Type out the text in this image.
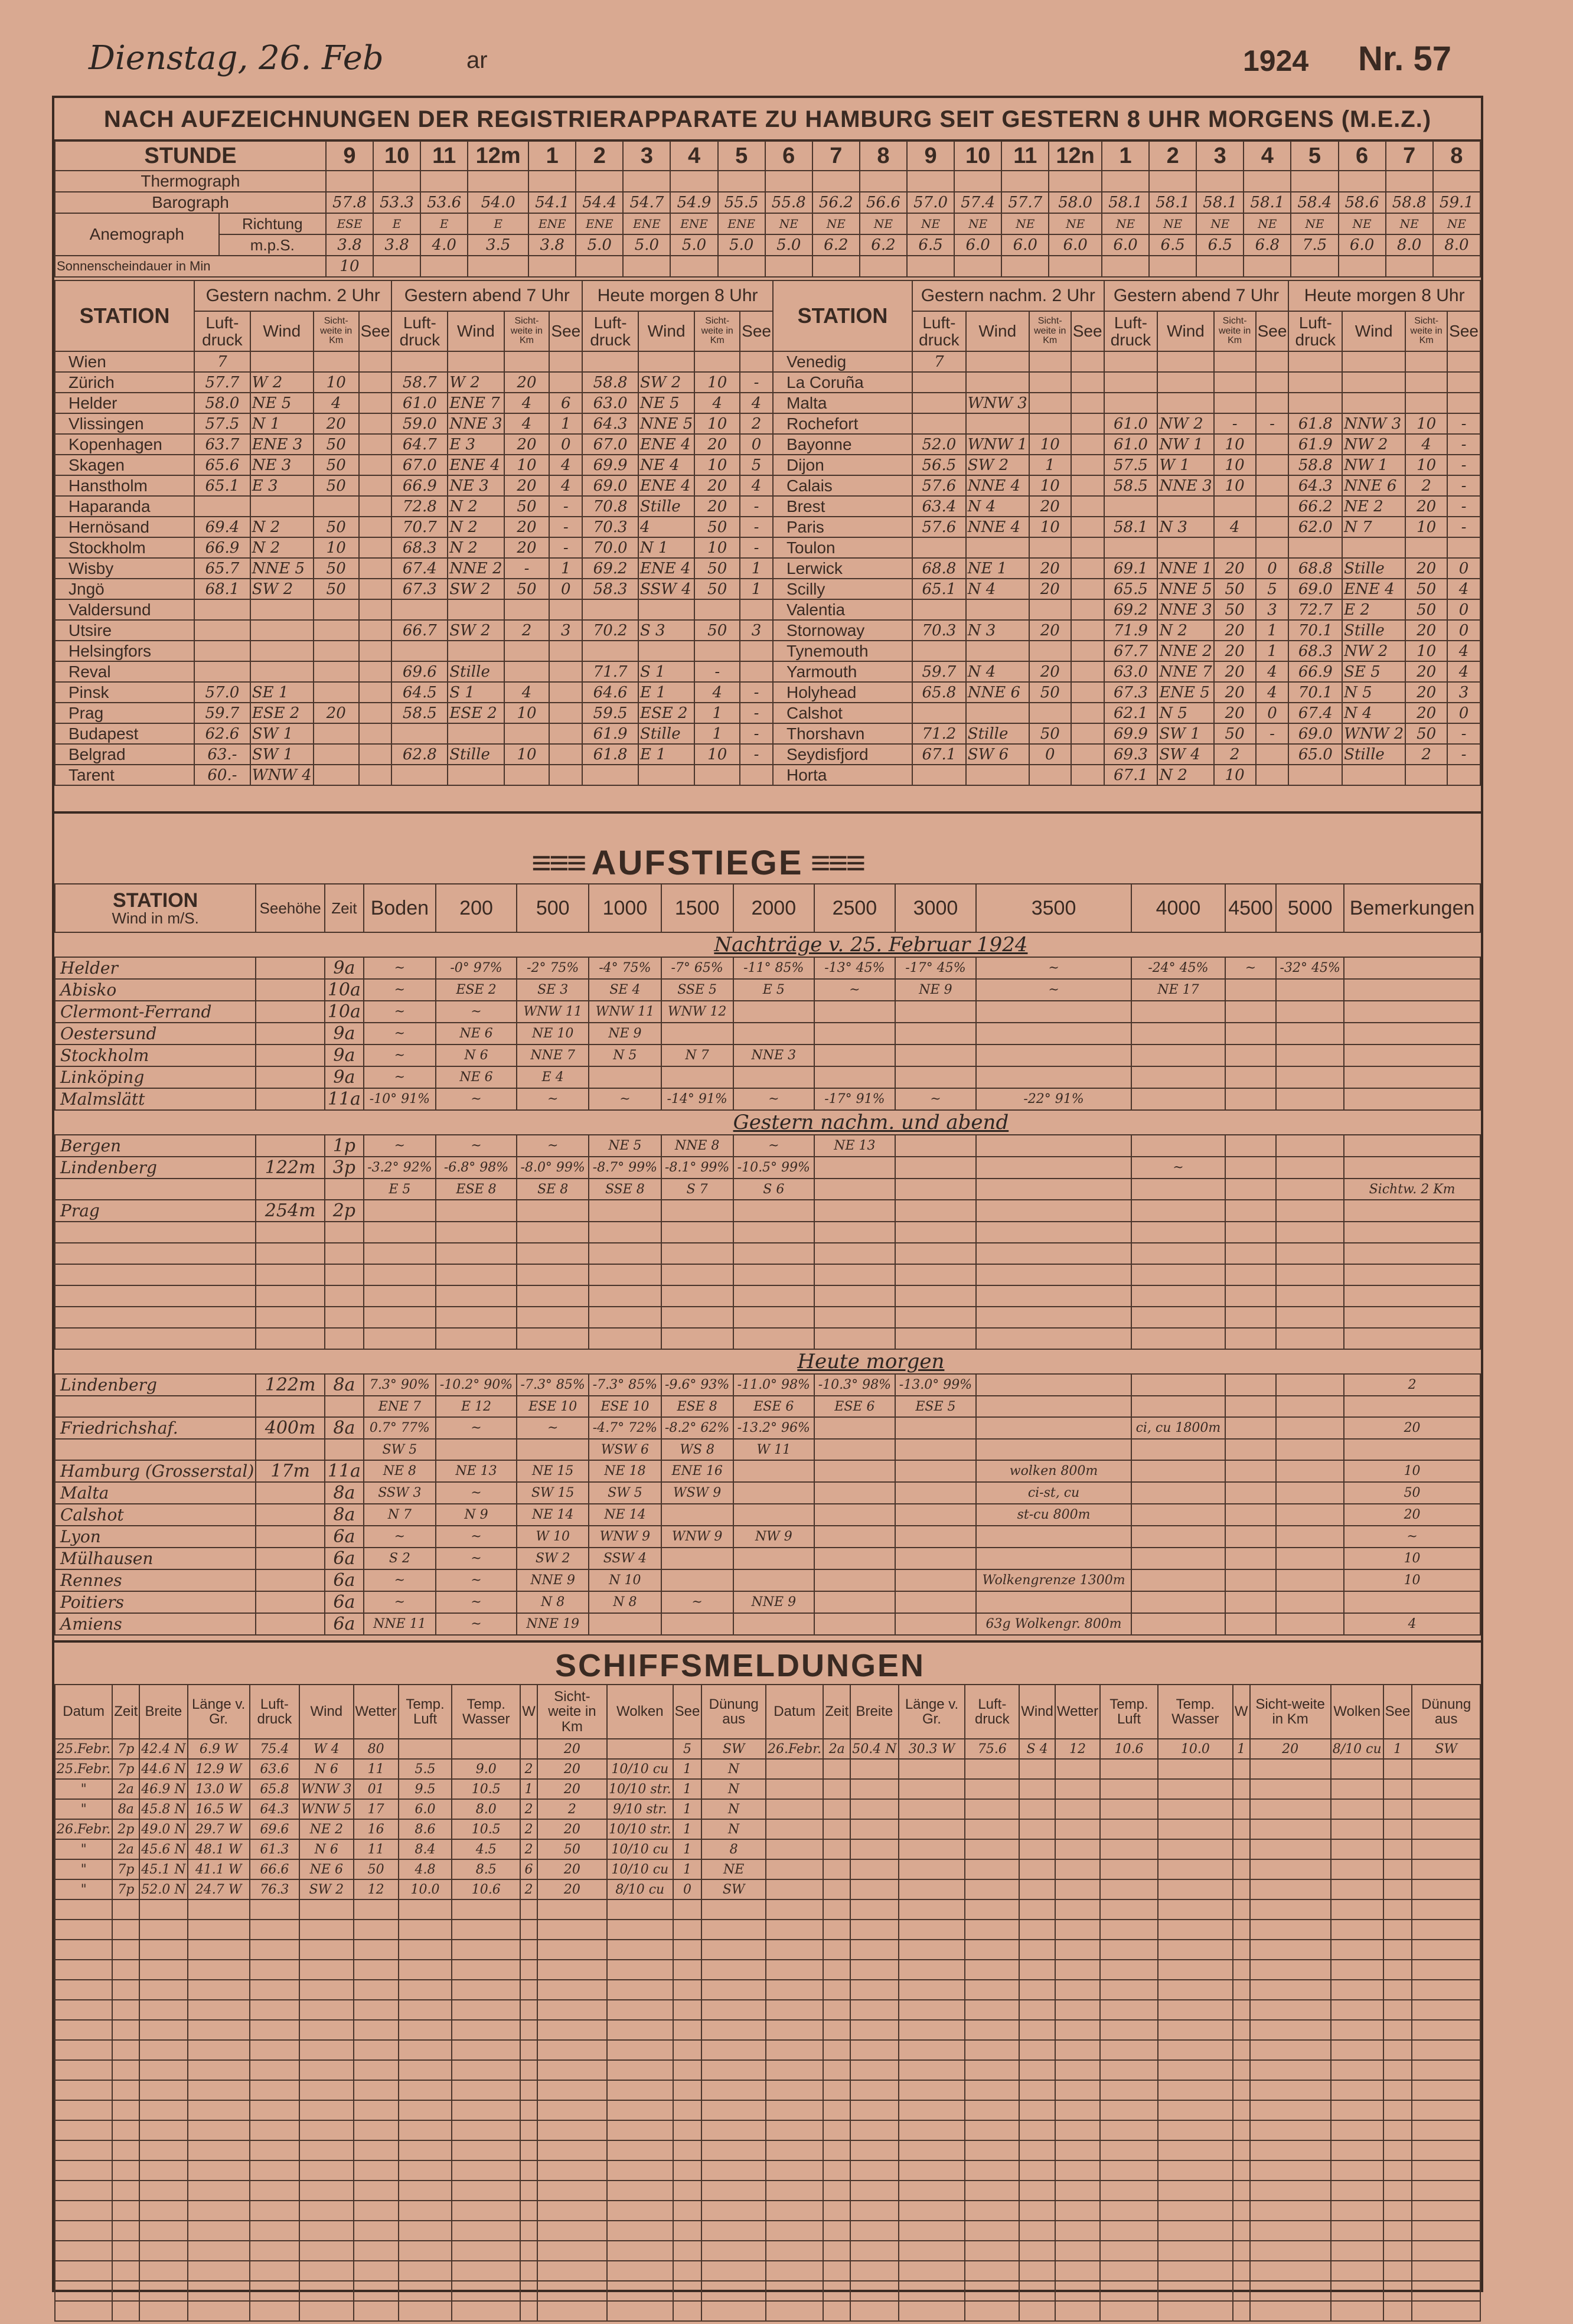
Dienstag, 26. Feb	ar	1924 Nr. 57
NACH AUFZEICHNUNGEN DER REGISTRIERAPPARATE ZU HAMBURG SEIT GESTERN 8 UHR MORGENS (M.E.Z.)
STUNDE		9	10	11	12m	1	2	3	4	5	6	7	8	9	10	11	12n	1	2	3	4	5	6	7	8
Thermograph																									
Barograph		57.8	53.3	53.6	54.0	54.1	54.4	54.7	54.9	55.5	55.8	56.2	56.6	57.0	57.4	57.7	58.0	58.1	58.1	58.1	58.1	58.4	58.6	58.8	59.1
Anemograph	Richtung	ESE	E	E	E	ENE	ENE	ENE	ENE	ENE	NE	NE	NE	NE	NE	NE	NE	NE	NE	NE	NE	NE	NE	NE	NE
	m.p.S.	3.8	3.8	4.0	3.5	3.8	5.0	5.0	5.0	5.0	5.0	6.2	6.2	6.5	6.0	6.0	6.0	6.0	6.5	6.5	6.8	7.5	6.0	8.0	8.0
Sonnenscheindauer in Min		10																							
STATION	Gestern nachm. 2 Uhr				Gestern abend 7 Uhr				Heute morgen 8 Uhr			
	Luft-druck	Wind	Sicht-weite in Km	See	Luft-druck	Wind	Sicht-weite in Km	See	Luft-druck	Wind	Sicht-weite in Km	See
Wien	7											
Zürich	57.7	W 2	10		58.7	W 2	20		58.8	SW 2	10	-
Helder	58.0	NE 5	4		61.0	ENE 7	4	6	63.0	NE 5	4	4
Vlissingen	57.5	N 1	20		59.0	NNE 3	4	1	64.3	NNE 5	10	2
Kopenhagen	63.7	ENE 3	50		64.7	E 3	20	0	67.0	ENE 4	20	0
Skagen	65.6	NE 3	50		67.0	ENE 4	10	4	69.9	NE 4	10	5
Hanstholm	65.1	E 3	50		66.9	NE 3	20	4	69.0	ENE 4	20	4
Haparanda					72.8	N 2	50	-	70.8	Stille	20	-
Hernösand	69.4	N 2	50		70.7	N 2	20	-	70.3	4	50	-
Stockholm	66.9	N 2	10		68.3	N 2	20	-	70.0	N 1	10	-
Wisby	65.7	NNE 5	50		67.4	NNE 2	-	1	69.2	ENE 4	50	1
Jngö	68.1	SW 2	50		67.3	SW 2	50	0	58.3	SSW 4	50	1
Valdersund												
Utsire					66.7	SW 2	2	3	70.2	S 3	50	3
Helsingfors												
Reval					69.6	Stille			71.7	S 1	-	
Pinsk	57.0	SE 1			64.5	S 1	4		64.6	E 1	4	-
Prag	59.7	ESE 2	20		58.5	ESE 2	10		59.5	ESE 2	1	-
Budapest	62.6	SW 1							61.9	Stille	1	-
Belgrad	63.-	SW 1			62.8	Stille	10		61.8	E 1	10	-
Tarent	60.-	WNW 4										
STATION	Gestern nachm. 2 Uhr				Gestern abend 7 Uhr				Heute morgen 8 Uhr			
	Luft-druck	Wind	Sicht-weite in Km	See	Luft-druck	Wind	Sicht-weite in Km	See	Luft-druck	Wind	Sicht-weite in Km	See
Venedig	7											
La Coruña												
Malta		WNW 3										
Rochefort					61.0	NW 2	-	-	61.8	NNW 3	10	-
Bayonne	52.0	WNW 1	10		61.0	NW 1	10		61.9	NW 2	4	-
Dijon	56.5	SW 2	1		57.5	W 1	10		58.8	NW 1	10	-
Calais	57.6	NNE 4	10		58.5	NNE 3	10		64.3	NNE 6	2	-
Brest	63.4	N 4	20						66.2	NE 2	20	-
Paris	57.6	NNE 4	10		58.1	N 3	4		62.0	N 7	10	-
Toulon												
Lerwick	68.8	NE 1	20		69.1	NNE 1	20	0	68.8	Stille	20	0
Scilly	65.1	N 4	20		65.5	NNE 5	50	5	69.0	ENE 4	50	4
Valentia					69.2	NNE 3	50	3	72.7	E 2	50	0
Stornoway	70.3	N 3	20		71.9	N 2	20	1	70.1	Stille	20	0
Tynemouth					67.7	NNE 2	20	1	68.3	NW 2	10	4
Yarmouth	59.7	N 4	20		63.0	NNE 7	20	4	66.9	SE 5	20	4
Holyhead	65.8	NNE 6	50		67.3	ENE 5	20	4	70.1	N 5	20	3
Calshot					62.1	N 5	20	0	67.4	N 4	20	0
Thorshavn	71.2	Stille	50		69.9	SW 1	50	-	69.0	WNW 2	50	-
Seydisfjord	67.1	SW 6	0		69.3	SW 4	2		65.0	Stille	2	-
Horta					67.1	N 2	10					
≡≡≡ AUFSTIEGE ≡≡≡
STATION
Wind in m/S.	Seehöhe	Zeit	Boden	200	500	1000	1500	2000	2500	3000	3500	4000	4500	5000	Bemerkungen
					Nachträge v. 25. Februar 1924										
Helder		9a	~	-0° 97%	-2° 75%	-4° 75%	-7° 65%	-11° 85%	-13° 45%	-17° 45%	~	-24° 45%	~	-32° 45%	
Abisko		10a	~	ESE 2	SE 3	SE 4	SSE 5	E 5	~	NE 9	~	NE 17			
Clermont-Ferrand		10a	~	~	WNW 11	WNW 11	WNW 12								
Oestersund		9a	~	NE 6	NE 10	NE 9									
Stockholm		9a	~	N 6	NNE 7	N 5	N 7	NNE 3							
Linköping		9a	~	NE 6	E 4										
Malmslätt		11a	-10° 91%	~	~	~	-14° 91%	~	-17° 91%	~	-22° 91%				
					Gestern nachm. und abend										
Bergen		1p	~	~	~	NE 5	NNE 8	~	NE 13						
Lindenberg	122m	3p	-3.2° 92%	-6.8° 98%	-8.0° 99%	-8.7° 99%	-8.1° 99%	-10.5° 99%				~			
			E 5	ESE 8	SE 8	SSE 8	S 7	S 6							Sichtw. 2 Km
Prag	254m	2p													

					Heute morgen										
Lindenberg	122m	8a	7.3° 90%	-10.2° 90%	-7.3° 85%	-7.3° 85%	-9.6° 93%	-11.0° 98%	-10.3° 98%	-13.0° 99%					2
			ENE 7	E 12	ESE 10	ESE 10	ESE 8	ESE 6	ESE 6	ESE 5					
Friedrichshaf.	400m	8a	0.7° 77%	~	~	-4.7° 72%	-8.2° 62%	-13.2° 96%				ci, cu 1800m			20
			SW 5			WSW 6	WS 8	W 11							
Hamburg (Grosserstal)	17m	11a	NE 8	NE 13	NE 15	NE 18	ENE 16				wolken 800m				10
Malta		8a	SSW 3	~	SW 15	SW 5	WSW 9				ci-st, cu				50
Calshot		8a	N 7	N 9	NE 14	NE 14					st-cu 800m				20
Lyon		6a	~	~	W 10	WNW 9	WNW 9	NW 9							~
Mülhausen		6a	S 2	~	SW 2	SSW 4									10
Rennes		6a	~	~	NNE 9	N 10					Wolkengrenze 1300m				10
Poitiers		6a	~	~	N 8	N 8	~	NNE 9							
Amiens		6a	NNE 11	~	NNE 19						63g Wolkengr. 800m				4
SCHIFFSMELDUNGEN
Datum	Zeit	Breite	Länge v. Gr.	Luft-druck	Wind	Wetter	Temp. Luft	Temp. Wasser	W	Sicht-weite in Km	Wolken	See	Dünung aus
25.Febr.	7p	42.4 N	6.9 W	75.4	W 4	80				20		5	SW
25.Febr.	7p	44.6 N	12.9 W	63.6	N 6	11	5.5	9.0	2	20	10/10 cu	1	N
"	2a	46.9 N	13.0 W	65.8	WNW 3	01	9.5	10.5	1	20	10/10 str.	1	N
"	8a	45.8 N	16.5 W	64.3	WNW 5	17	6.0	8.0	2	2	9/10 str.	1	N
26.Febr.	2p	49.0 N	29.7 W	69.6	NE 2	16	8.6	10.5	2	20	10/10 str.	1	N
"	2a	45.6 N	48.1 W	61.3	N 6	11	8.4	4.5	2	50	10/10 cu	1	8
"	7p	45.1 N	41.1 W	66.6	NE 6	50	4.8	8.5	6	20	10/10 cu	1	NE
"	7p	52.0 N	24.7 W	76.3	SW 2	12	10.0	10.6	2	20	8/10 cu	0	SW

Datum	Zeit	Breite	Länge v. Gr.	Luft-druck	Wind	Wetter	Temp. Luft	Temp. Wasser	W	Sicht-weite in Km	Wolken	See	Dünung aus
26.Febr.	2a	50.4 N	30.3 W	75.6	S 4	12	10.6	10.0	1	20	8/10 cu	1	SW
